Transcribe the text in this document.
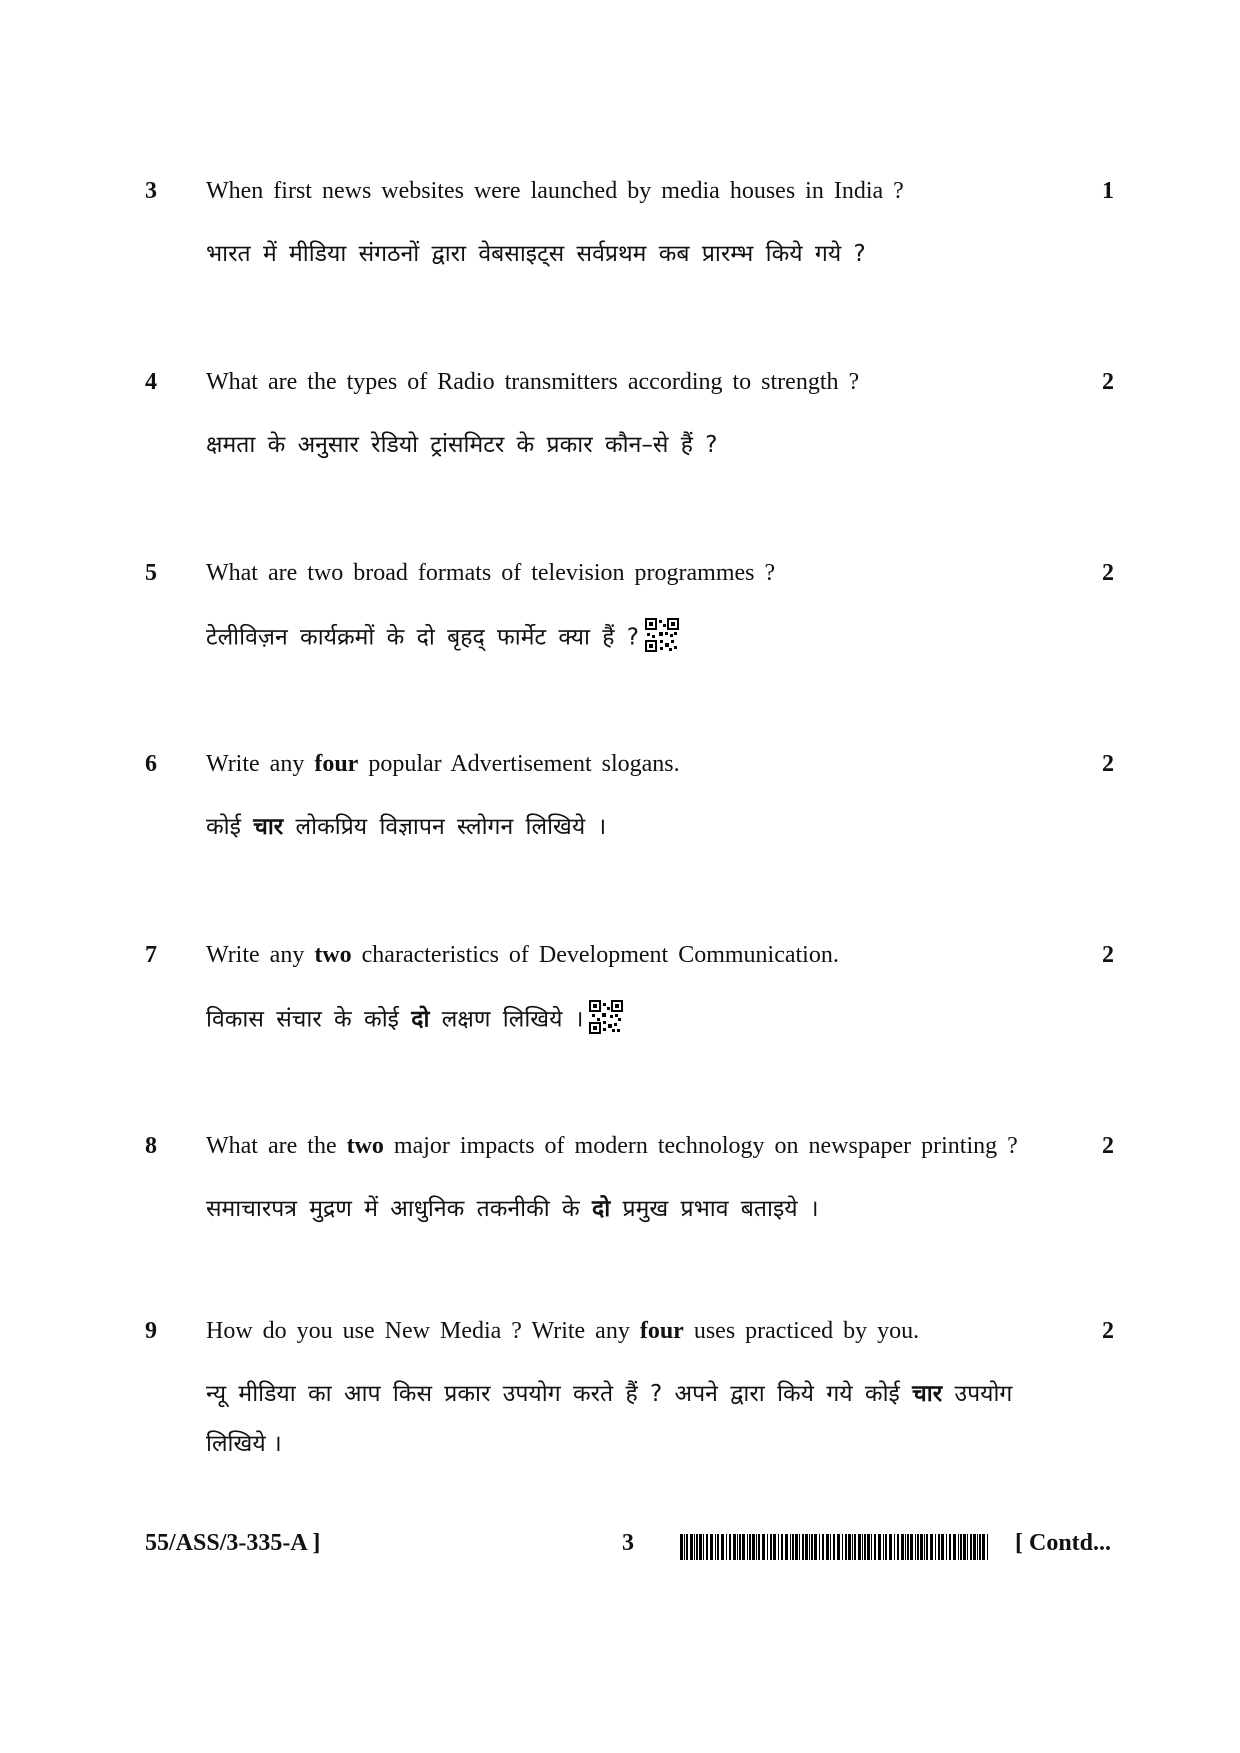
3 When first news websites were launched by media houses in India ?	1
भारत में मीडिया संगठनों द्वारा वेबसाइट्स सर्वप्रथम कब प्रारम्भ किये गये ?
4 What are the types of Radio transmitters according to strength ?	2
क्षमता के अनुसार रेडियो ट्रांसमिटर के प्रकार कौन–से हैं ?
5 What are two broad formats of television programmes ?	2
टेलीविज़न कार्यक्रमों के दो बृहद् फार्मेट क्या हैं ?
6 Write any four popular Advertisement slogans.	2
कोई चार लोकप्रिय विज्ञापन स्लोगन लिखिये ।
7 Write any two characteristics of Development Communication.	2
विकास संचार के कोई दो लक्षण लिखिये ।
8 What are the two major impacts of modern technology on newspaper printing ?	2
समाचारपत्र मुद्रण में आधुनिक तकनीकी के दो प्रमुख प्रभाव बताइये ।
9 How do you use New Media ? Write any four uses practiced by you.	2
न्यू मीडिया का आप किस प्रकार उपयोग करते हैं ? अपने द्वारा किये गये कोई चार उपयोग
लिखिये ।
55/ASS/3-335-A ]	3	[ Contd...
